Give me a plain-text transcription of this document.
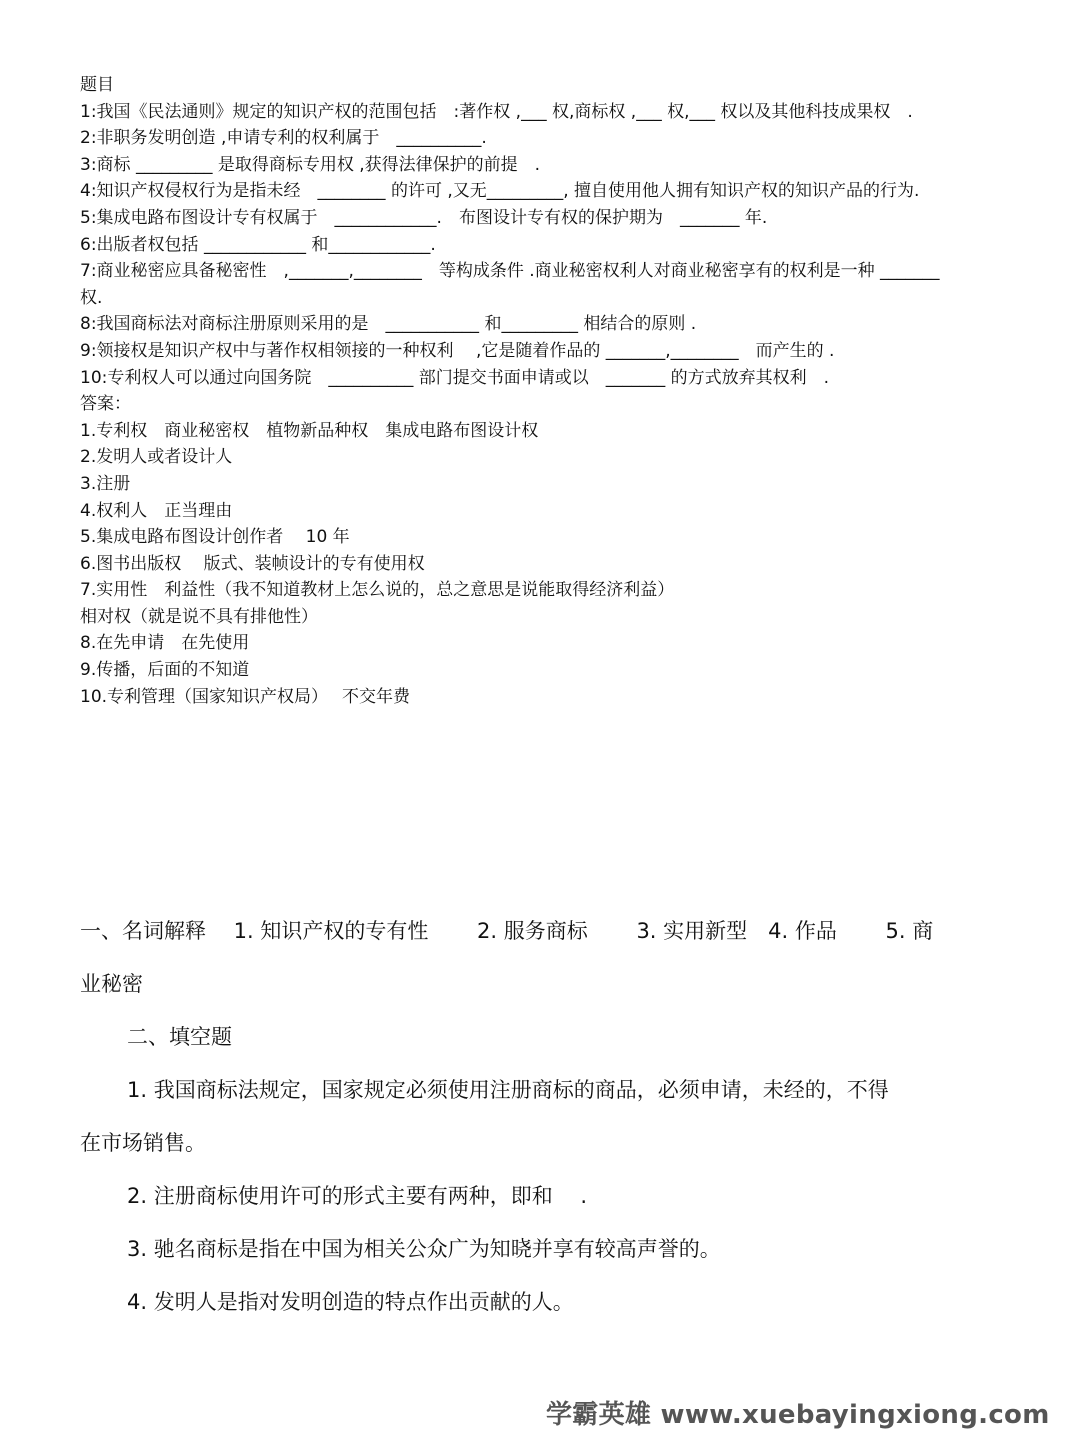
题目
1:我国《民法通则》规定的知识产权的范围包括　:著作权 ,___ 权,商标权 ,___ 权,___ 权以及其他科技成果权　.
2:非职务发明创造 ,申请专利的权利属于　__________.
3:商标 _________ 是取得商标专用权 ,获得法律保护的前提　.
4:知识产权侵权行为是指未经　________ 的许可 ,又无_________, 擅自使用他人拥有知识产权的知识产品的行为.
5:集成电路布图设计专有权属于　____________.　布图设计专有权的保护期为　_______ 年.
6:出版者权包括 ____________ 和____________.
7:商业秘密应具备秘密性　,_______,________　等构成条件 .商业秘密权利人对商业秘密享有的权利是一种 _______ 权.
8:我国商标法对商标注册原则采用的是　___________ 和_________ 相结合的原则 .
9:领接权是知识产权中与著作权相领接的一种权利　 ,它是随着作品的 _______,________　而产生的 .
10:专利权人可以通过向国务院　__________ 部门提交书面申请或以　_______ 的方式放弃其权利　.
答案：
1.专利权　商业秘密权　植物新品种权　集成电路布图设计权
2.发明人或者设计人
3.注册
4.权利人　正当理由
5.集成电路布图设计创作者　 10 年
6.图书出版权　 版式、装帧设计的专有使用权
7.实用性　利益性（我不知道教材上怎么说的，总之意思是说能取得经济利益）
相对权（就是说不具有排他性）
8.在先申请　在先使用
9.传播，后面的不知道
10.专利管理（国家知识产权局）　 不交年费
一、名词解释　 1. 知识产权的专有性　　 2. 服务商标　　 3. 实用新型　4. 作品　　 5. 商
业秘密
二、填空题
1. 我国商标法规定，国家规定必须使用注册商标的商品，必须申请，未经的，不得
在市场销售。
2. 注册商标使用许可的形式主要有两种，即和　 .
3. 驰名商标是指在中国为相关公众广为知晓并享有较高声誉的。
4. 发明人是指对发明创造的特点作出贡献的人。
学霸英雄 www.xuebayingxiong.com
